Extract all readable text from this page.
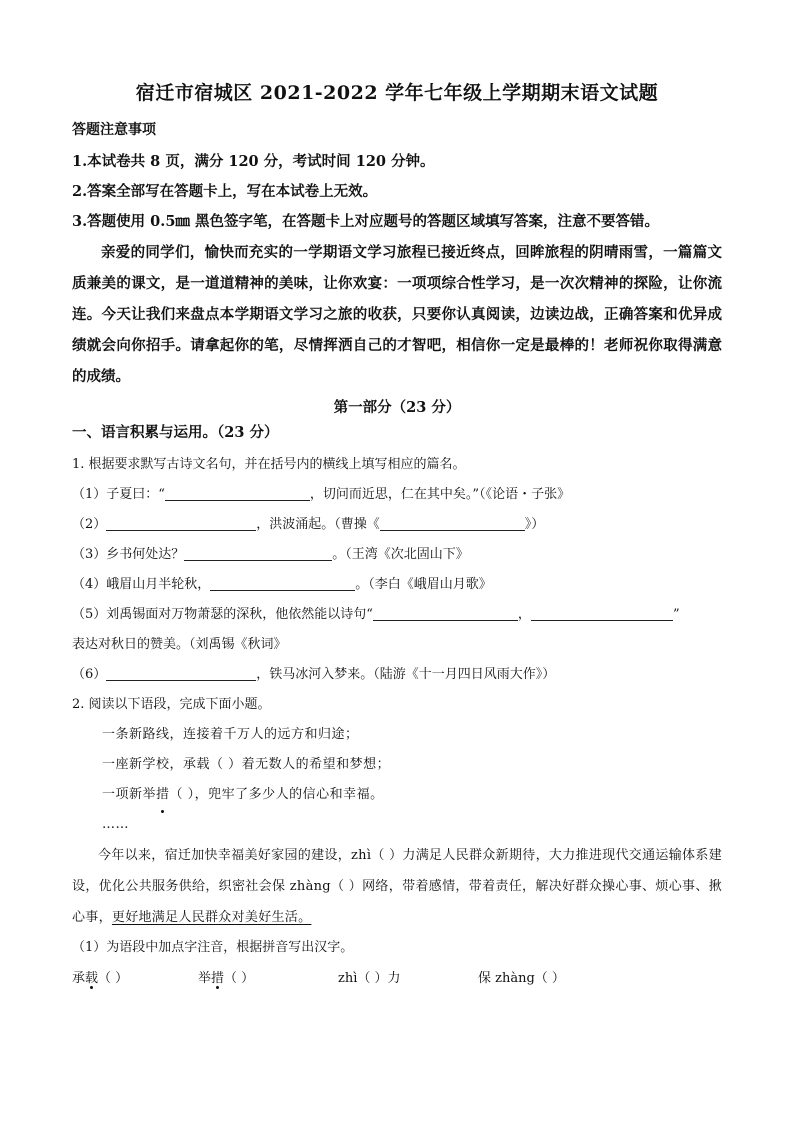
宿迁市宿城区 2021-2022 学年七年级上学期期末语文试题
答题注意事项

1.本试卷共 8 页，满分 120 分，考试时间 120 分钟。

2.答案全部写在答题卡上，写在本试卷上无效。

3.答题使用 0.5㎜ 黑色签字笔，在答题卡上对应题号的答题区域填写答案，注意不要答错。

亲爱的同学们，愉快而充实的一学期语文学习旅程已接近终点，回眸旅程的阴晴雨雪，一篇篇文质兼美的课文，是一道道精神的美味，让你欢宴：一项项综合性学习，是一次次精神的探险，让你流连。今天让我们来盘点本学期语文学习之旅的收获，只要你认真阅读，边读边战，正确答案和优异成绩就会向你招手。请拿起你的笔，尽情挥洒自己的才智吧，相信你一定是最棒的！老师祝你取得满意的成绩。

第一部分（23 分）
一、语言积累与运用。（23 分）

1. 根据要求默写古诗文名句，并在括号内的横线上填写相应的篇名。

（1）子夏曰：“	，切问而近思，仁在其中矣。”（《论语・子张》

（2）	，洪波涌起。（曹操《	》）

（3）乡书何处达？	。（王湾《次北固山下》

（4）峨眉山月半轮秋，	。（李白《峨眉山月歌》

（5）刘禹锡面对万物萧瑟的深秋，他依然能以诗句“	，	”

表达对秋日的赞美。（刘禹锡《秋词》

（6）	，铁马冰河入梦来。（陆游《十一月四日风雨大作》）

2. 阅读以下语段，完成下面小题。

一条新路线，连接着千万人的远方和归途；

一座新学校，承载（ ）着无数人的希望和梦想；

一项新举措（ ），兜牢了多少人的信心和幸福。

……

今年以来，宿迁加快幸福美好家园的建设，zhì（ ）力满足人民群众新期待，大力推进现代交通运输体系建设，优化公共服务供给，织密社会保 zhàng（ ）网络，带着感情，带着责任，解决好群众操心事、烦心事、揪心事，更好地满足人民群众对美好生活。

（1）为语段中加点字注音，根据拼音写出汉字。

承载（ ）	举措（ ）	zhì（ ）力	保 zhàng（ ）
